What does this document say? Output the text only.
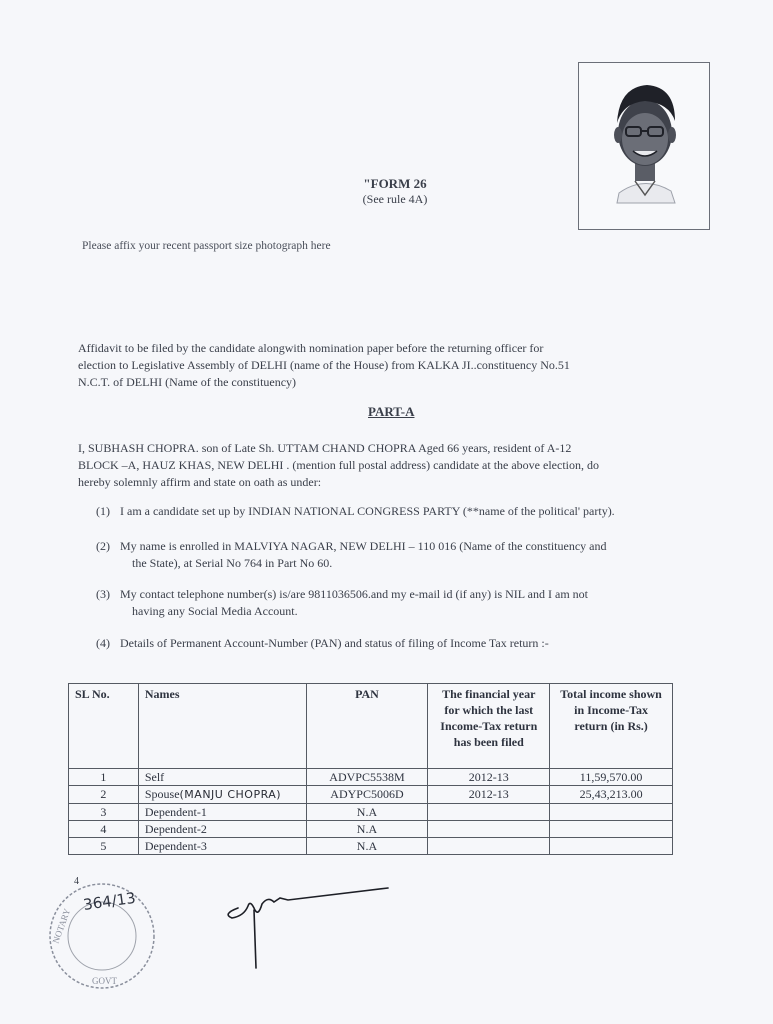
"FORM 26
(See rule 4A)
Please affix your recent passport size photograph here
Affidavit to be filed by the candidate alongwith nomination paper before the returning officer for
election to Legislative Assembly of DELHI (name of the House) from KALKA JI..constituency No.51
N.C.T. of DELHI (Name of the constituency)
PART-A
I, SUBHASH CHOPRA. son of Late Sh. UTTAM CHAND CHOPRA Aged 66 years, resident of A-12
BLOCK –A, HAUZ KHAS, NEW DELHI . (mention full postal address) candidate at the above election, do
hereby solemnly affirm and state on oath as under:
(1) I am a candidate set up by INDIAN NATIONAL CONGRESS PARTY (**name of the political' party).
(2) My name is enrolled in MALVIYA NAGAR, NEW DELHI – 110 016 (Name of the constituency and
the State), at Serial No 764 in Part No 60.
(3) My contact telephone number(s) is/are 9811036506.and my e-mail id (if any) is NIL and I am not
having any Social Media Account.
(4) Details of Permanent Account-Number (PAN) and status of filing of Income Tax return :-
SL No.	Names	PAN	The financial year for which the last Income-Tax return has been filed	Total income shown in Income-Tax return (in Rs.)
1	Self	ADVPC5538M	2012-13	11,59,570.00
2	Spouse(MANJU CHOPRA)	ADYPC5006D	2012-13	25,43,213.00
3	Dependent-1	N.A		
4	Dependent-2	N.A		
5	Dependent-3	N.A		
4
NOTARY
GOVT
364/13
